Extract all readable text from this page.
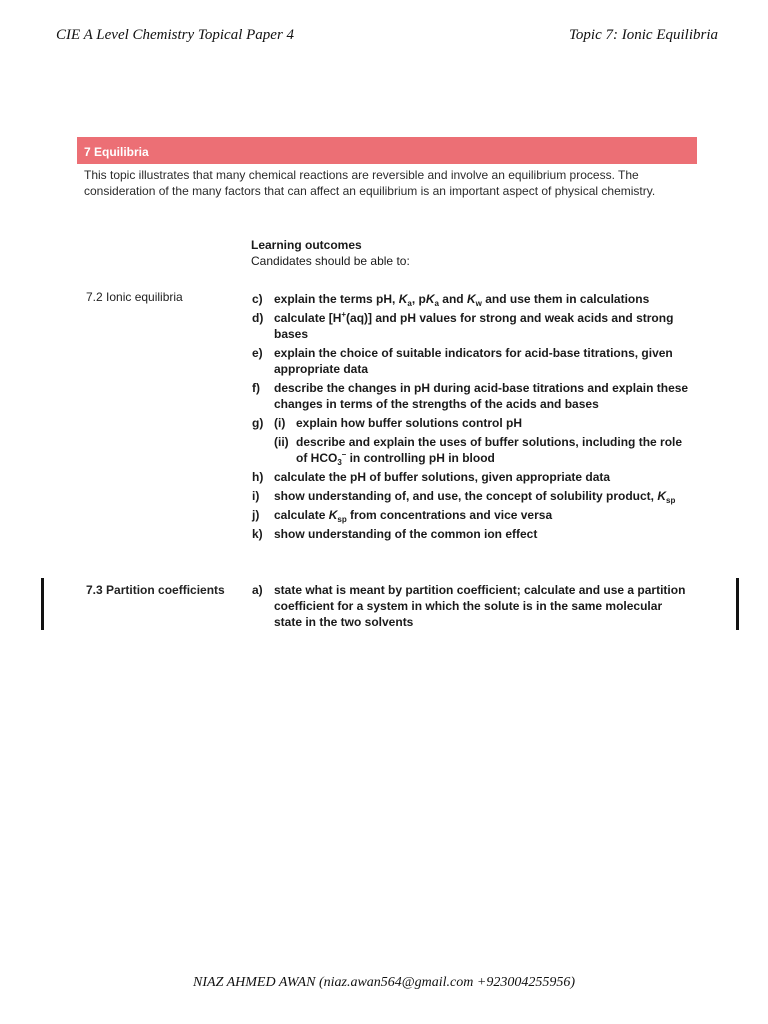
CIE A Level Chemistry Topical Paper 4	Topic 7: Ionic Equilibria
7 Equilibria
This topic illustrates that many chemical reactions are reversible and involve an equilibrium process. The consideration of the many factors that can affect an equilibrium is an important aspect of physical chemistry.
Learning outcomes
Candidates should be able to:
7.2 Ionic equilibria	c) explain the terms pH, $K_a$, $pK_a$ and $K_w$ and use them in calculations
d) calculate [H+(aq)] and pH values for strong and weak acids and strong bases
e) explain the choice of suitable indicators for acid-base titrations, given appropriate data
f) describe the changes in pH during acid-base titrations and explain these changes in terms of the strengths of the acids and bases
g) (i) explain how buffer solutions control pH
(ii) describe and explain the uses of buffer solutions, including the role of $HCO_3^-$ in controlling pH in blood
h) calculate the pH of buffer solutions, given appropriate data
i) show understanding of, and use, the concept of solubility product, $K_{sp}$
j) calculate $K_{sp}$ from concentrations and vice versa
k) show understanding of the common ion effect
7.3 Partition coefficients a) state what is meant by partition coefficient; calculate and use a partition coefficient for a system in which the solute is in the same molecular state in the two solvents
NIAZ AHMED AWAN (niaz.awan564@gmail.com +923004255956)
